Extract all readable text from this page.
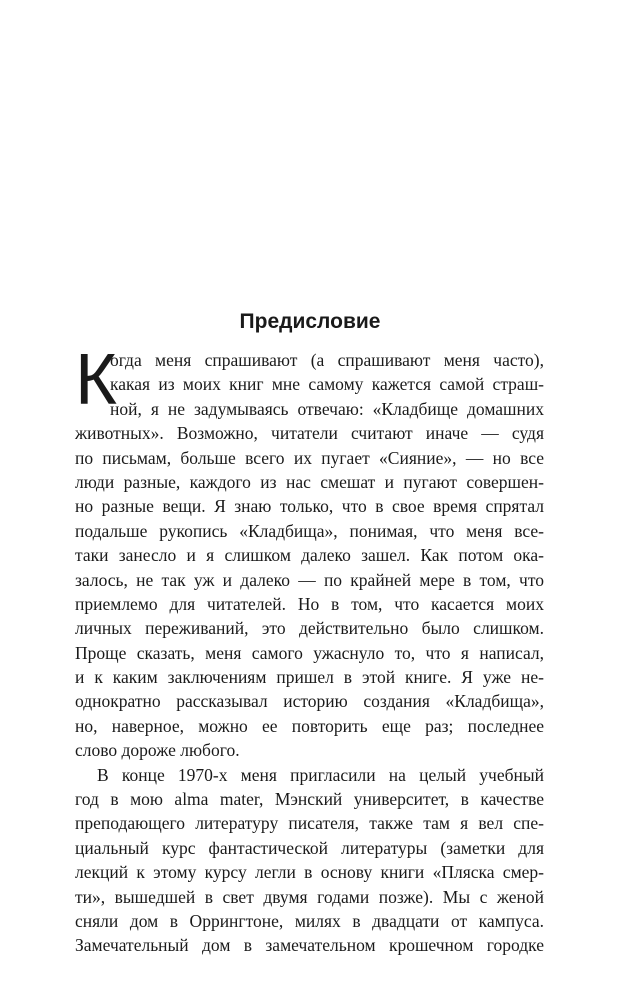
Предисловие
К
огда меня спрашивают (а спрашивают меня часто),
какая из моих книг мне самому кажется самой страш-
ной, я не задумываясь отвечаю: «Кладбище домашних
животных». Возможно, читатели считают иначе — судя
по письмам, больше всего их пугает «Сияние», — но все
люди разные, каждого из нас смешат и пугают совершен-
но разные вещи. Я знаю только, что в свое время спрятал
подальше рукопись «Кладбища», понимая, что меня все-
таки занесло и я слишком далеко зашел. Как потом ока-
залось, не так уж и далеко — по крайней мере в том, что
приемлемо для читателей. Но в том, что касается моих
личных переживаний, это действительно было слишком.
Проще сказать, меня самого ужаснуло то, что я написал,
и к каким заключениям пришел в этой книге. Я уже не-
однократно рассказывал историю создания «Кладбища»,
но, наверное, можно ее повторить еще раз; последнее
слово дороже любого.
В конце 1970-х меня пригласили на целый учебный
год в мою alma mater, Мэнский университет, в качестве
преподающего литературу писателя, также там я вел спе-
циальный курс фантастической литературы (заметки для
лекций к этому курсу легли в основу книги «Пляска смер-
ти», вышедшей в свет двумя годами позже). Мы с женой
сняли дом в Оррингтоне, милях в двадцати от кампуса.
Замечательный дом в замечательном крошечном городке
